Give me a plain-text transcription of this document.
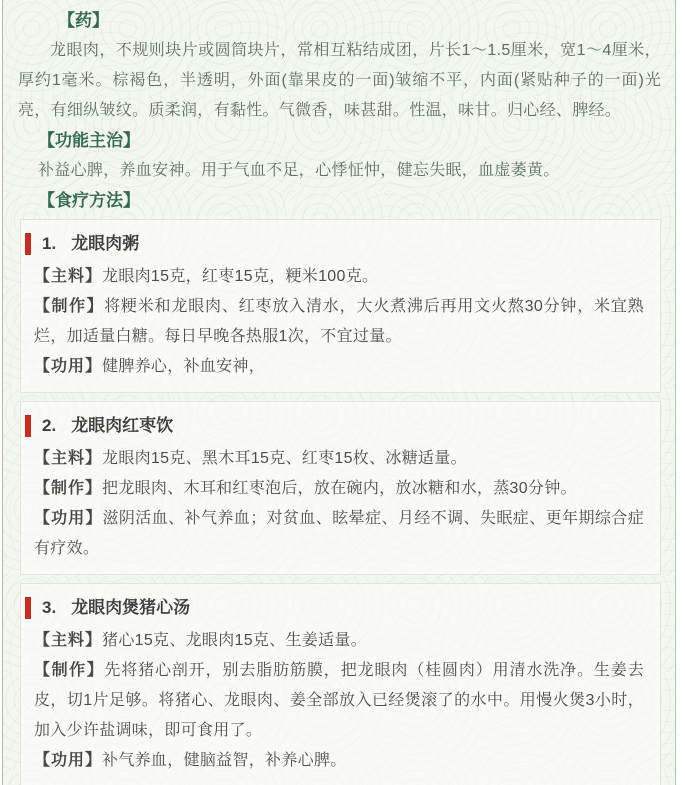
【药】

龙眼肉，不规则块片或圆筒块片，常相互粘结成团，片长1～1.5厘米，宽1～4厘米，厚约1毫米。棕褐色，半透明，外面(靠果皮的一面)皱缩不平，内面(紧贴种子的一面)光亮，有细纵皱纹。质柔润，有黏性。气微香，味甚甜。性温，味甘。归心经、脾经。

【功能主治】

补益心脾，养血安神。用于气血不足，心悸怔忡，健忘失眠，血虚萎黄。

【食疗方法】
1. 龙眼肉粥

【主料】龙眼肉15克，红枣15克，粳米100克。

【制作】将粳米和龙眼肉、红枣放入清水，大火煮沸后再用文火熬30分钟，米宜熟烂，加适量白糖。每日早晚各热服1次，不宜过量。

【功用】健脾养心，补血安神，

2. 龙眼肉红枣饮

【主料】龙眼肉15克、黑木耳15克、红枣15枚、冰糖适量。

【制作】把龙眼肉、木耳和红枣泡后，放在碗内，放冰糖和水，蒸30分钟。

【功用】滋阴活血、补气养血；对贫血、眩晕症、月经不调、失眠症、更年期综合症有疗效。

3. 龙眼肉煲猪心汤

【主料】猪心15克、龙眼肉15克、生姜适量。

【制作】先将猪心剖开，别去脂肪筋膜，把龙眼肉（桂圆肉）用清水洗净。生姜去皮，切1片足够。将猪心、龙眼肉、姜全部放入已经煲滚了的水中。用慢火煲3小时，加入少许盐调味，即可食用了。

【功用】补气养血，健脑益智，补养心脾。
